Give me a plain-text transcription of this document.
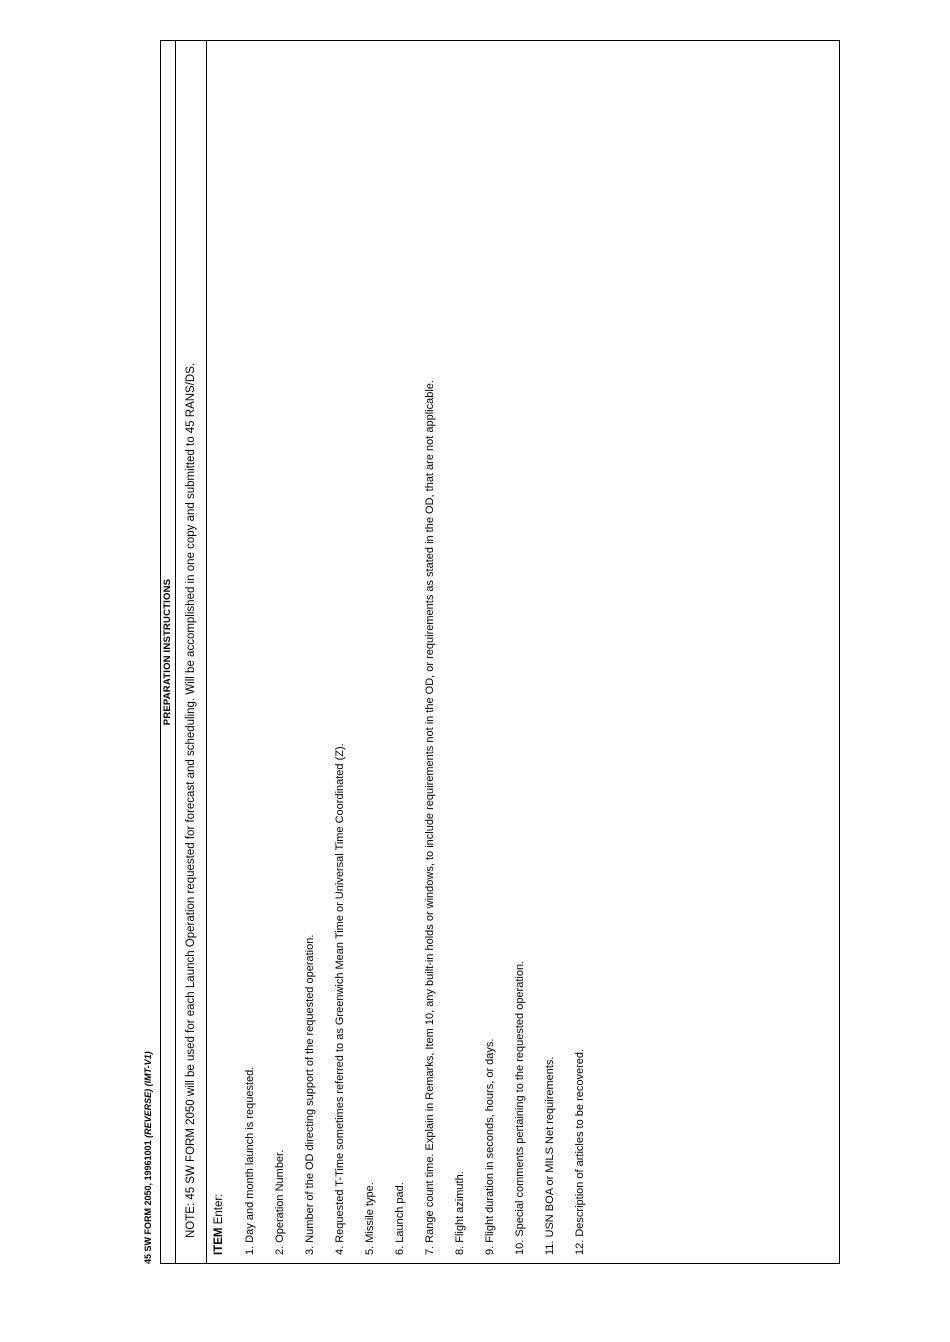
PREPARATION INSTRUCTIONS	NOTE: 45 SW FORM 2050 will be used for each Launch Operation requested for forecast and scheduling. Will be accomplished in one copy and submitted to 45 RANS/DS.
ITEM Enter: 1. Day and month launch is requested.	2. Operation Number.	3. Number of the OD directing support of the requested operation.	4. Requested T-Time sometimes referred to as Greenwich Mean Time or Universal Time Coordinated (Z).	5. Missile type.	6. Launch pad.	7. Range count time. Explain in Remarks, Item 10, any built-in holds or windows, to include requirements not in the OD, or requirements as stated in the OD, that are not applicable.	8. Flight azimuth.	9. Flight duration in seconds, hours, or days.	10. Special comments pertaining to the requested operation.	11. USN BOA or MILS Net requirements.	12. Description of articles to be recovered.
45 SW FORM 2050, 19961001 (REVERSE) (IMT-V1)
